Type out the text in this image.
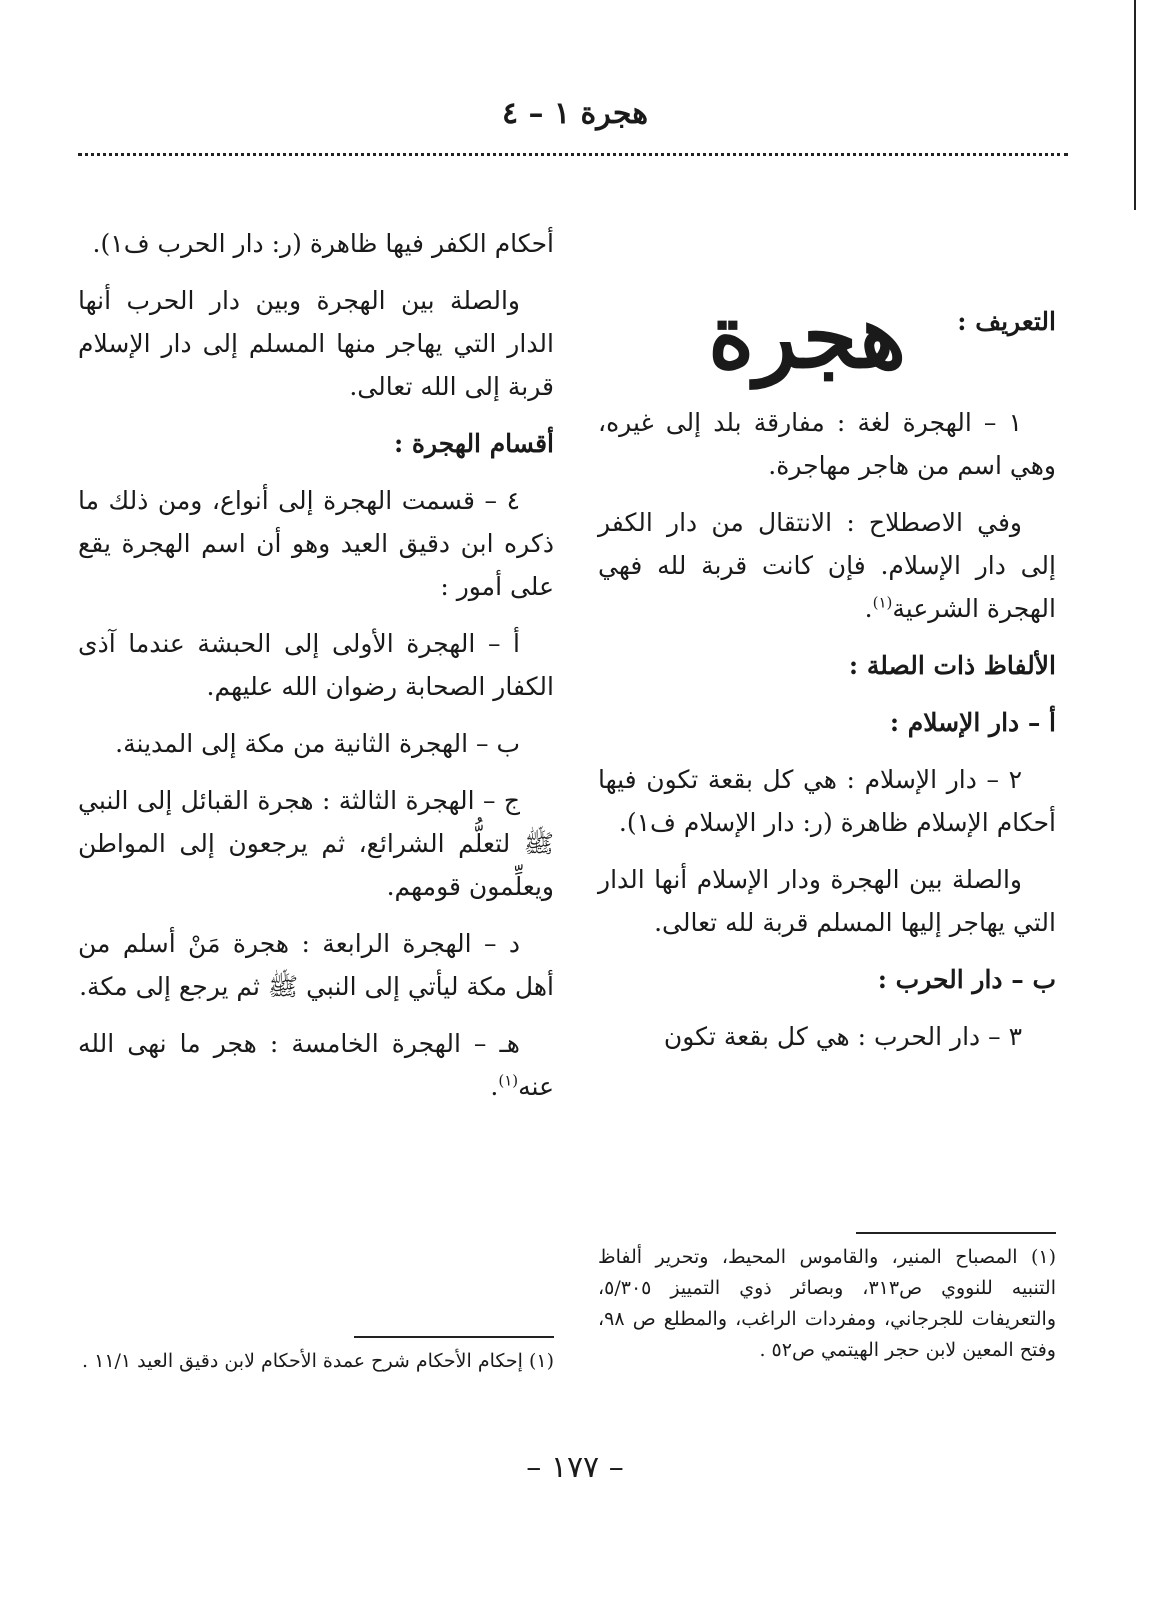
هجرة ١ – ٤

التعريف :

١ – الهجرة لغة : مفارقة بلد إلى غيره، وهي اسم من هاجر مهاجرة.

وفي الاصطلاح : الانتقال من دار الكفر إلى دار الإسلام. فإن كانت قربة لله فهي الهجرة الشرعية$^{(١)}$.

الألفاظ ذات الصلة :

أ – دار الإسلام :

٢ – دار الإسلام : هي كل بقعة تكون فيها أحكام الإسلام ظاهرة (ر: دار الإسلام ف١).

والصلة بين الهجرة ودار الإسلام أنها الدار التي يهاجر إليها المسلم قربة لله تعالى.

ب – دار الحرب :

٣ – دار الحرب : هي كل بقعة تكون

هجرة

أحكام الكفر فيها ظاهرة (ر: دار الحرب ف١).

والصلة بين الهجرة وبين دار الحرب أنها الدار التي يهاجر منها المسلم إلى دار الإسلام قربة إلى الله تعالى.

أقسام الهجرة :

٤ – قسمت الهجرة إلى أنواع، ومن ذلك ما ذكره ابن دقيق العيد وهو أن اسم الهجرة يقع على أمور :

أ – الهجرة الأولى إلى الحبشة عندما آذى الكفار الصحابة رضوان الله عليهم.

ب – الهجرة الثانية من مكة إلى المدينة.

ج – الهجرة الثالثة : هجرة القبائل إلى النبي ﷺ لتعلُّم الشرائع، ثم يرجعون إلى المواطن ويعلِّمون قومهم.

د – الهجرة الرابعة : هجرة مَنْ أسلم من أهل مكة ليأتي إلى النبي ﷺ ثم يرجع إلى مكة.

هـ – الهجرة الخامسة : هجر ما نهى الله عنه$^{(١)}$.

(١) المصباح المنير، والقاموس المحيط، وتحرير ألفاظ التنبيه للنووي ص٣١٣، وبصائر ذوي التمييز ٥/٣٠٥، والتعريفات للجرجاني، ومفردات الراغب، والمطلع ص ٩٨، وفتح المعين لابن حجر الهيتمي ص٥٢ .

(١) إحكام الأحكام شرح عمدة الأحكام لابن دقيق العيد ١١/١ .

– ١٧٧ –
